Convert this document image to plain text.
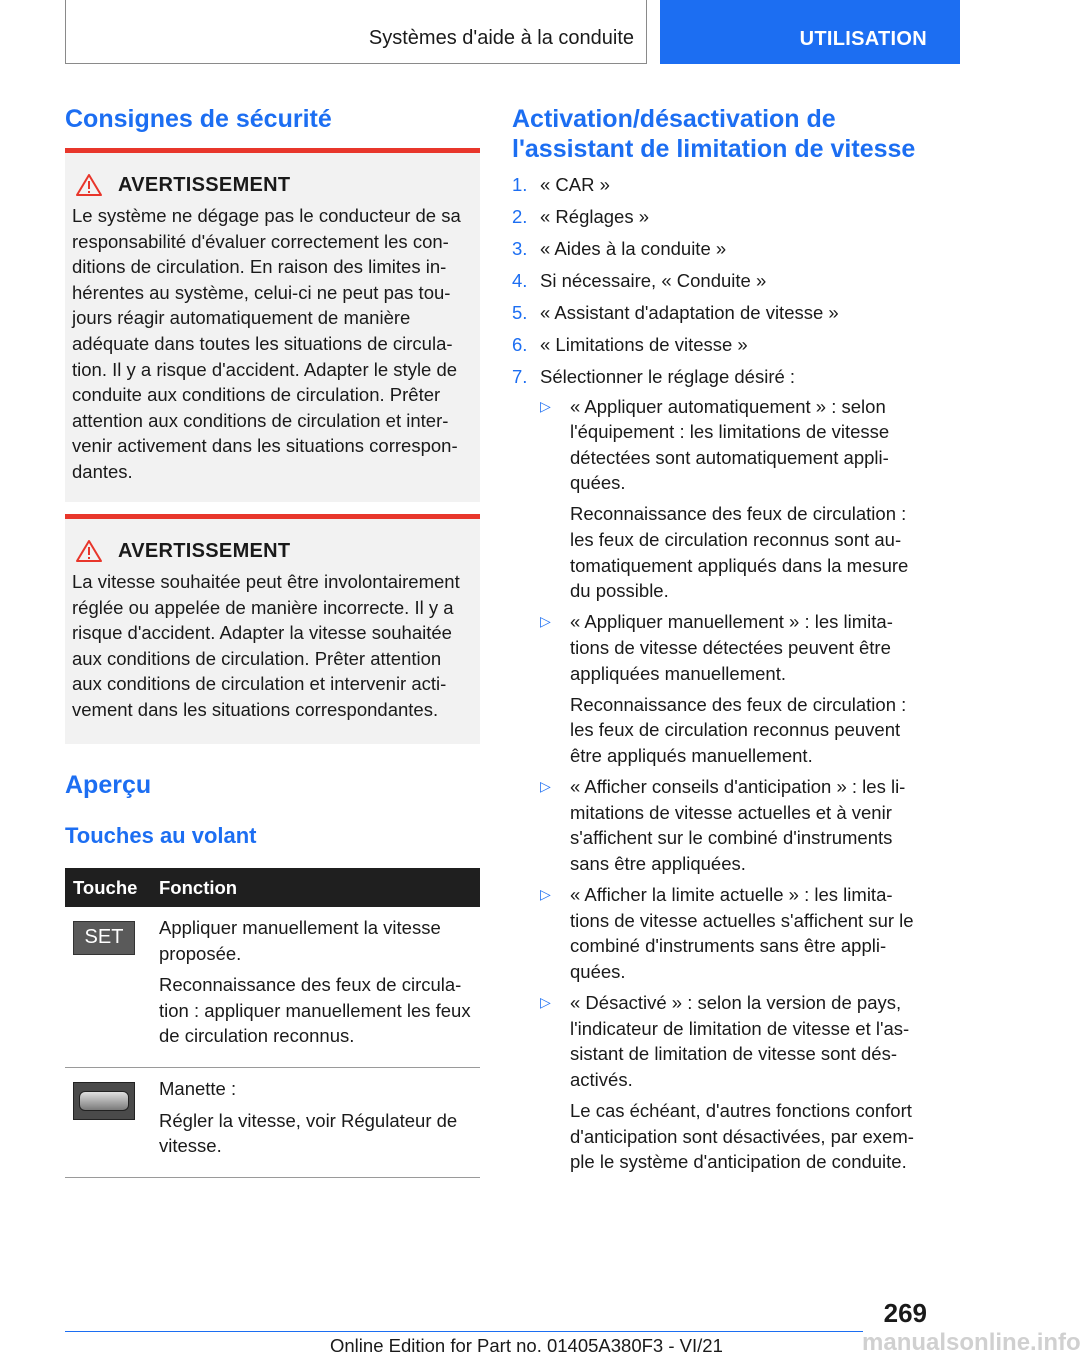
Systèmes d'aide à la conduite	UTILISATION
Consignes de sécurité
AVERTISSEMENT

Le système ne dégage pas le conducteur de sa responsabilité d'évaluer correctement les con-ditions de circulation. En raison des limites in-hérentes au système, celui-ci ne peut pas tou-jours réagir automatiquement de manière adéquate dans toutes les situations de circula-tion. Il y a risque d'accident. Adapter le style de conduite aux conditions de circulation. Prêter attention aux conditions de circulation et inter-venir activement dans les situations correspon-dantes.

AVERTISSEMENT

La vitesse souhaitée peut être involontairement réglée ou appelée de manière incorrecte. Il y a risque d'accident. Adapter la vitesse souhaitée aux conditions de circulation. Prêter attention aux conditions de circulation et intervenir acti-vement dans les situations correspondantes.

Aperçu
Touches au volant
Touche	Fonction

SET	Appliquer manuellement la vitesse proposée.

Reconnaissance des feux de circula-tion : appliquer manuellement les feux de circulation reconnus.

	Manette :

Régler la vitesse, voir Régulateur de vitesse.

Activation/désactivation de l'assistant de limitation de vitesse
1. « CAR »
2. « Réglages »
3. « Aides à la conduite »
4. Si nécessaire, « Conduite »
5. « Assistant d'adaptation de vitesse »
6. « Limitations de vitesse »
7. Sélectionner le réglage désiré :
▷ « Appliquer automatiquement » : selon l'équipement : les limitations de vitesse détectées sont automatiquement appli-quées.

Reconnaissance des feux de circulation : les feux de circulation reconnus sont au-tomatiquement appliqués dans la mesure du possible.

▷ « Appliquer manuellement » : les limita-tions de vitesse détectées peuvent être appliquées manuellement.

Reconnaissance des feux de circulation : les feux de circulation reconnus peuvent être appliqués manuellement.

▷ « Afficher conseils d'anticipation » : les li-mitations de vitesse actuelles et à venir s'affichent sur le combiné d'instruments sans être appliquées.

▷ « Afficher la limite actuelle » : les limita-tions de vitesse actuelles s'affichent sur le combiné d'instruments sans être appli-quées.

▷ « Désactivé » : selon la version de pays, l'indicateur de limitation de vitesse et l'as-sistant de limitation de vitesse sont dés-activés.

Le cas échéant, d'autres fonctions confort d'anticipation sont désactivées, par exem-ple le système d'anticipation de conduite.

269
Online Edition for Part no. 01405A380F3 - VI/21	manualsonline.info
